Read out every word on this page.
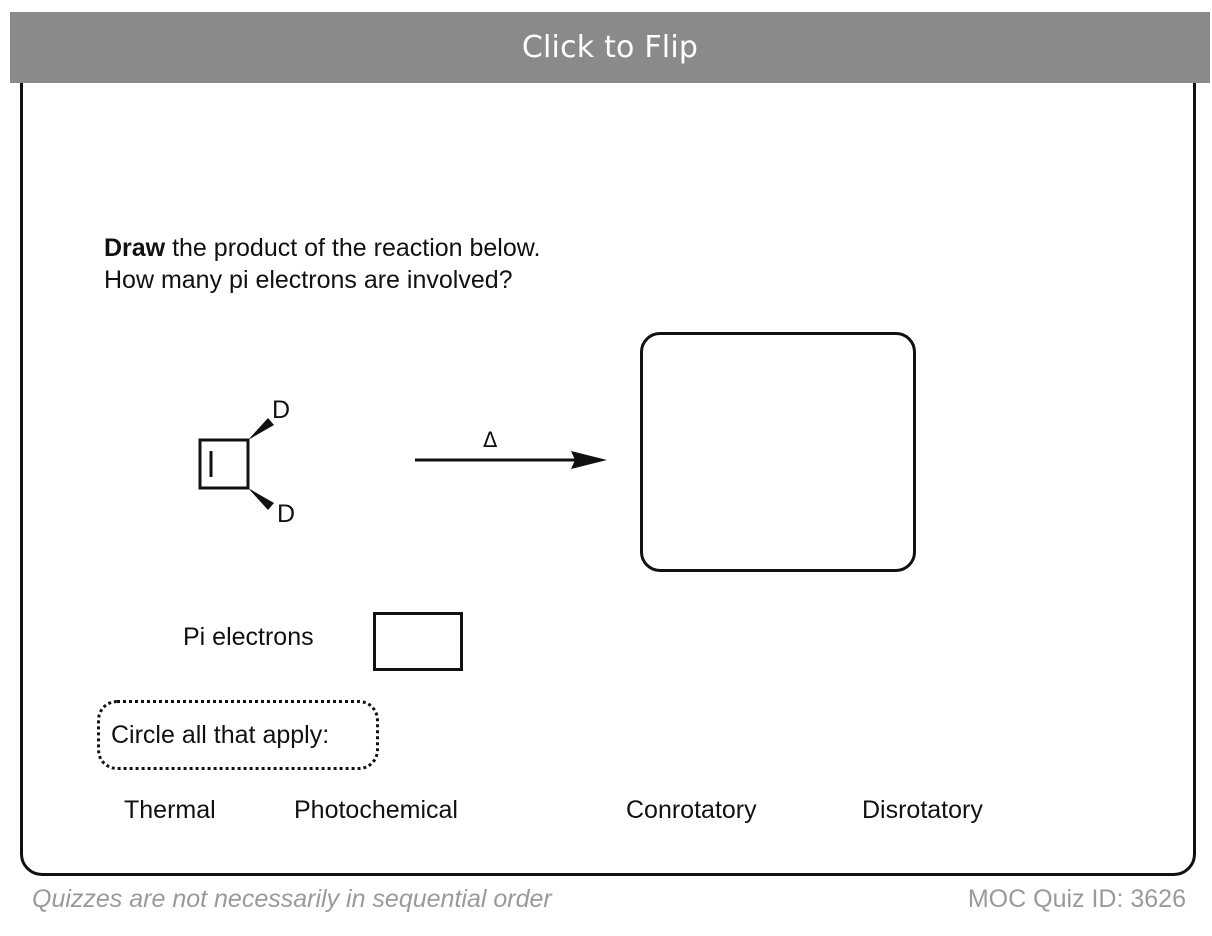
Click to Flip
Draw the product of the reaction below.
How many pi electrons are involved?
D
D
Δ
Pi electrons
Circle all that apply:
Thermal	Photochemical	Conrotatory	Disrotatory
Quizzes are not necessarily in sequential order	MOC Quiz ID: 3626
